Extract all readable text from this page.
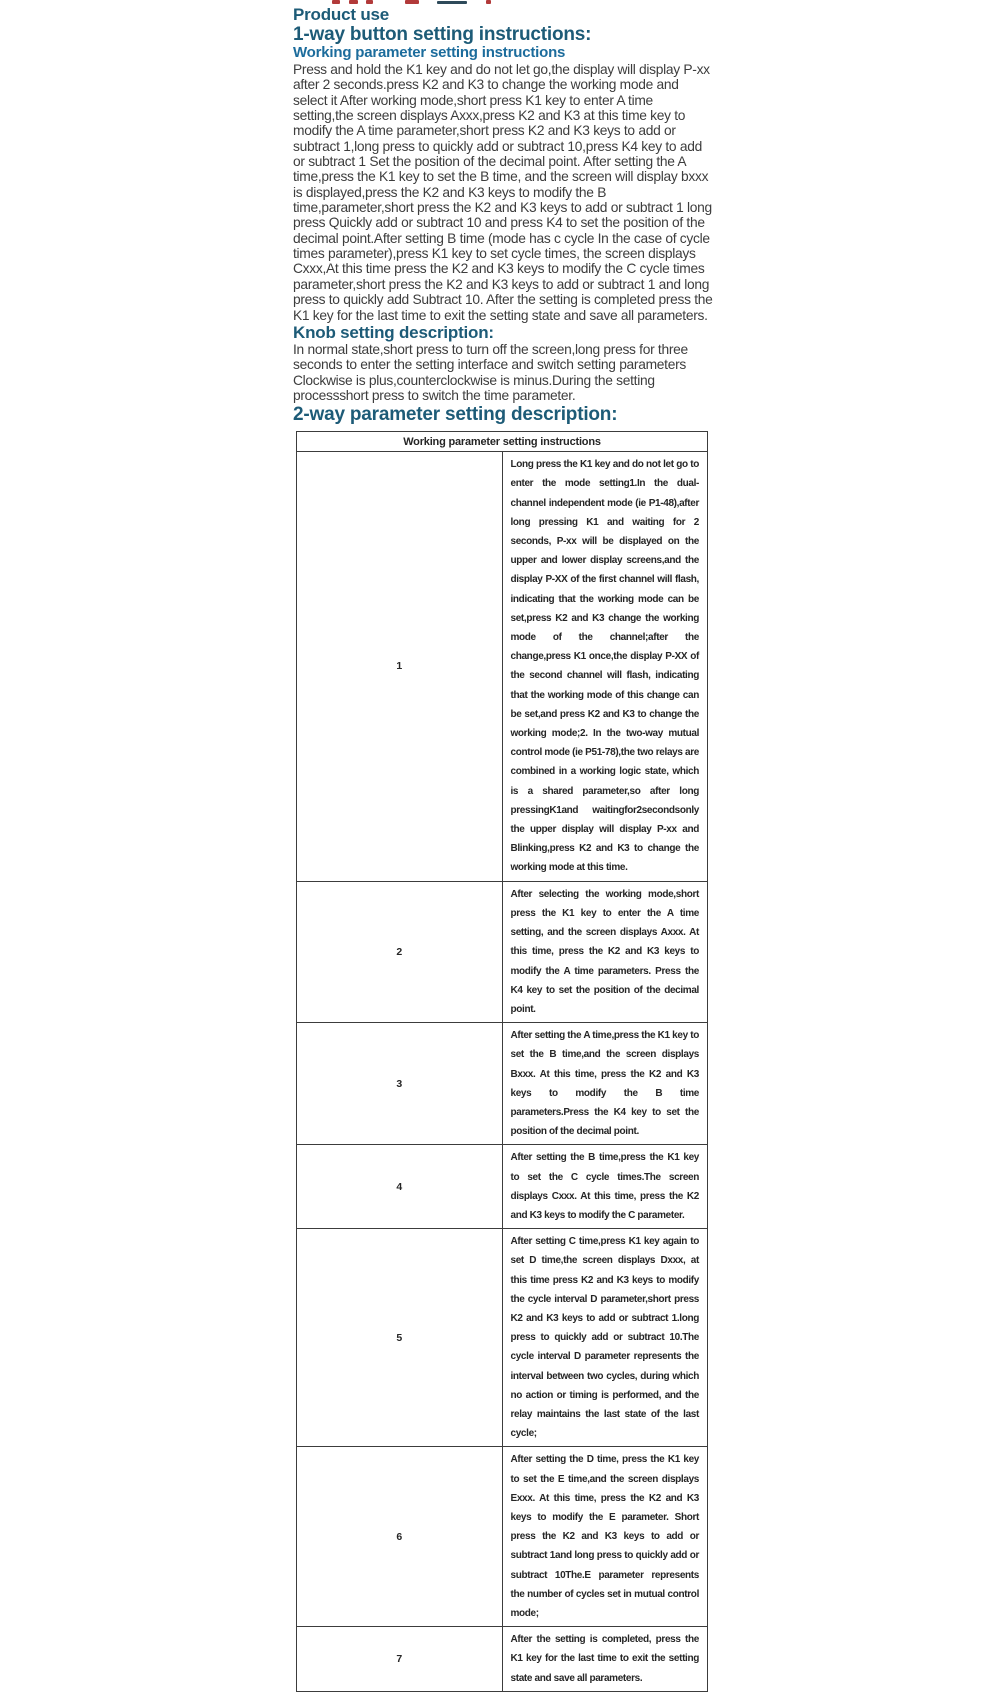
Product use
1-way button setting instructions:
Working parameter setting instructions
Press and hold the K1 key and do not let go,the display will display P-xx after 2 seconds.press K2 and K3 to change the working mode and select it After working mode,short press K1 key to enter A time setting,the screen displays Axxx,press K2 and K3 at this time key to modify the A time parameter,short press K2 and K3 keys to add or subtract 1,long press to quickly add or subtract 10,press K4 key to add or subtract 1 Set the position of the decimal point. After setting the A time,press the K1 key to set the B time, and the screen will display bxxx is displayed,press the K2 and K3 keys to modify the B time,parameter,short press the K2 and K3 keys to add or subtract 1 long press Quickly add or subtract 10 and press K4 to set the position of the decimal point.After setting B time (mode has c cycle In the case of cycle times parameter),press K1 key to set cycle times, the screen displays Cxxx,At this time press the K2 and K3 keys to modify the C cycle times parameter,short press the K2 and K3 keys to add or subtract 1 and long press to quickly add Subtract 10. After the setting is completed press the K1 key for the last time to exit the setting state and save all parameters.
Knob setting description:
In normal state,short press to turn off the screen,long press for three seconds to enter the setting interface and switch setting parameters Clockwise is plus,counterclockwise is minus.During the setting processshort press to switch the time parameter.
2-way parameter setting description:
Working parameter setting instructions	
1	Long press the K1 key and do not let go to enter the mode setting1.In the dual-channel independent mode (ie P1-48),after long pressing K1 and waiting for 2 seconds, P-xx will be displayed on the upper and lower display screens,and the display P-XX of the first channel will flash, indicating that the working mode can be set,press K2 and K3 change the working mode of the channel;after the change,press K1 once,the display P-XX of the second channel will flash, indicating that the working mode of this change can be set,and press K2 and K3 to change the working mode;2. In the two-way mutual control mode (ie P51-78),the two relays are combined in a working logic state, which is a shared parameter,so after long pressingK1and waitingfor2secondsonly the upper display will display P-xx and Blinking,press K2 and K3 to change the working mode at this time.
2	After selecting the working mode,short press the K1 key to enter the A time setting, and the screen displays Axxx. At this time, press the K2 and K3 keys to modify the A time parameters. Press the K4 key to set the position of the decimal point.
3	After setting the A time,press the K1 key to set the B time,and the screen displays Bxxx. At this time, press the K2 and K3 keys to modify the B time parameters.Press the K4 key to set the position of the decimal point.
4	After setting the B time,press the K1 key to set the C cycle times.The screen displays Cxxx. At this time, press the K2 and K3 keys to modify the C parameter.
5	After setting C time,press K1 key again to set D time,the screen displays Dxxx, at this time press K2 and K3 keys to modify the cycle interval D parameter,short press K2 and K3 keys to add or subtract 1.long press to quickly add or subtract 10.The cycle interval D parameter represents the interval between two cycles, during which no action or timing is performed, and the relay maintains the last state of the last cycle;
6	After setting the D time, press the K1 key to set the E time,and the screen displays Exxx. At this time, press the K2 and K3 keys to modify the E parameter. Short press the K2 and K3 keys to add or subtract 1and long press to quickly add or subtract 10The.E parameter represents the number of cycles set in mutual control mode;
7	After the setting is completed, press the K1 key for the last time to exit the setting state and save all parameters.
